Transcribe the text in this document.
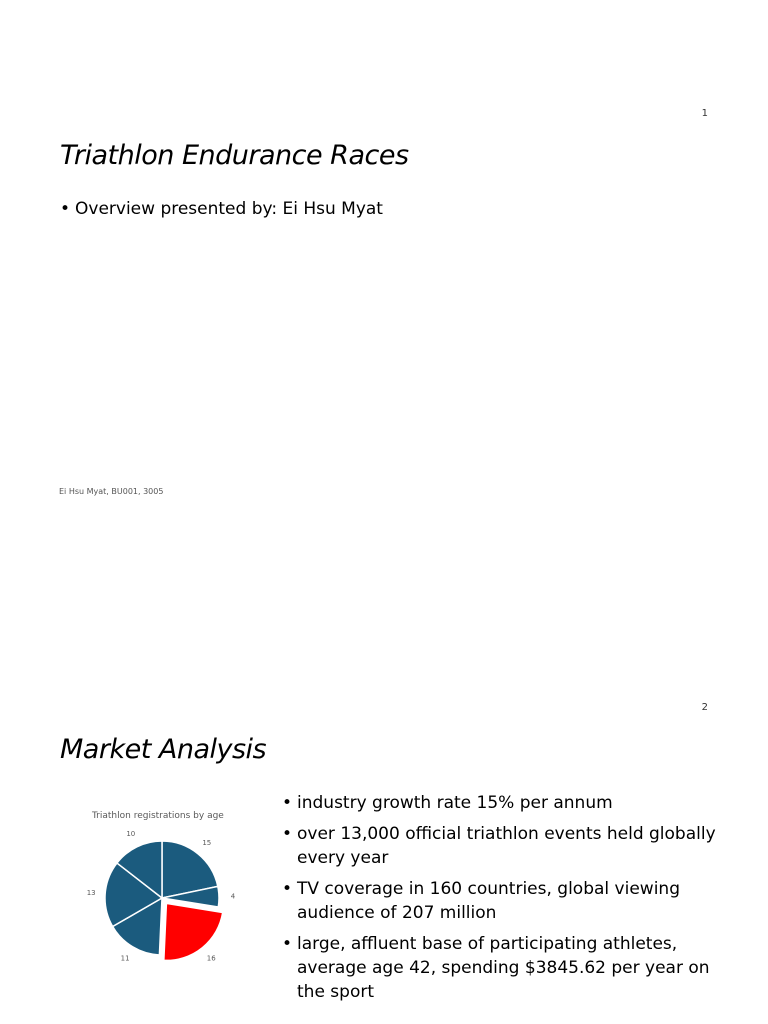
1
Triathlon Endurance Races
• Overview presented by: Ei Hsu Myat
Ei Hsu Myat, BU001, 3005
2
Market Analysis
Triathlon registrations by age
15
4
16
11
13
10
• industry growth rate 15% per annum
• over 13,000 official triathlon events held globally every year
• TV coverage in 160 countries, global viewing audience of 207 million
• large, affluent base of participating athletes, average age 42, spending $3845.62 per year on the sport
